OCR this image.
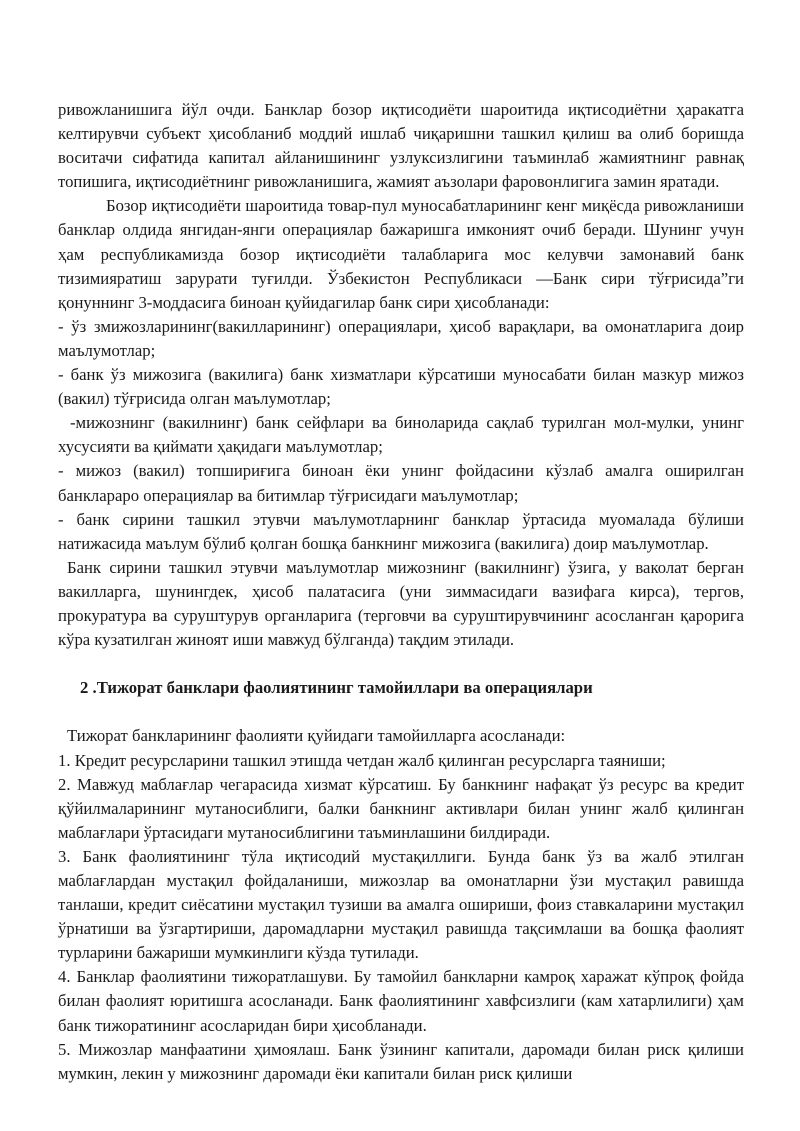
ривожланишига йўл очди. Банклар бозор иқтисодиёти шароитида иқтисодиётни ҳаракатга келтирувчи субъект ҳисобланиб моддий ишлаб чиқаришни ташкил қилиш ва олиб боришда воситачи сифатида капитал айланишининг узлуксизлигини таъминлаб жамиятнинг равнақ топишига, иқтисодиётнинг ривожланишига, жамият аъзолари фаровонлигига замин яратади.

Бозор иқтисодиёти шароитида товар-пул муносабатларининг кенг миқёсда ривожланиши банклар олдида янгидан-янги операциялар бажаришга имконият очиб беради. Шунинг учун ҳам республикамизда бозор иқтисодиёти талабларига мос келувчи замонавий банк тизимияратиш зарурати туғилди. Ўзбекистон Республикаси ―Банк сири тўғрисида”ги қонуннинг 3-моддасига биноан қуйидагилар банк сири ҳисобланади:

- ўз змижозларининг(вакилларининг) операциялари, ҳисоб варақлари, ва омонатларига доир маълумотлар;

- банк ўз мижозига (вакилига) банк хизматлари кўрсатиши муносабати билан мазкур мижоз (вакил) тўғрисида олган маълумотлар;

-мижознинг (вакилнинг) банк сейфлари ва биноларида сақлаб турилган мол-мулки, унинг хусусияти ва қиймати ҳақидаги маълумотлар;

- мижоз (вакил) топшириғига биноан ёки унинг фойдасини кўзлаб амалга оширилган банклараро операциялар ва битимлар тўғрисидаги маълумотлар;

- банк сирини ташкил этувчи маълумотларнинг банклар ўртасида муомалада бўлиши натижасида маълум бўлиб қолган бошқа банкнинг мижозига (вакилига) доир маълумотлар.

Банк сирини ташкил этувчи маълумотлар мижознинг (вакилнинг) ўзига, у ваколат берган вакилларга, шунингдек, ҳисоб палатасига (уни зиммасидаги вазифага кирса), тергов, прокуратура ва суруштурув органларига (терговчи ва суруштирувчининг асосланган қарорига кўра кузатилган жиноят иши мавжуд бўлганда) тақдим этилади.

2 .Тижорат банклари фаолиятининг тамойиллари ва операциялари

Тижорат банкларининг фаолияти қуйидаги тамойилларга асосланади:

1. Кредит ресурсларини ташкил этишда четдан жалб қилинган ресурсларга таяниши;

2. Мавжуд маблағлар чегарасида хизмат кўрсатиш. Бу банкнинг нафақат ўз ресурс ва кредит қўйилмаларининг мутаносиблиги, балки банкнинг активлари билан унинг жалб қилинган маблағлари ўртасидаги мутаносиблигини таъминлашини билдиради.

3. Банк фаолиятининг тўла иқтисодий мустақиллиги. Бунда банк ўз ва жалб этилган маблағлардан мустақил фойдаланиши, мижозлар ва омонатларни ўзи мустақил равишда танлаши, кредит сиёсатини мустақил тузиши ва амалга ошириши, фоиз ставкаларини мустақил ўрнатиши ва ўзгартириши, даромадларни мустақил равишда тақсимлаши ва бошқа фаолият турларини бажариши мумкинлиги кўзда тутилади.

4. Банклар фаолиятини тижоратлашуви. Бу тамойил банкларни камроқ харажат кўпроқ фойда билан фаолият юритишга асосланади. Банк фаолиятининг хавфсизлиги (кам хатарлилиги) ҳам банк тижоратининг асосларидан бири ҳисобланади.

5. Мижозлар манфаатини ҳимоялаш. Банк ўзининг капитали, даромади билан риск қилиши мумкин, лекин у мижознинг даромади ёки капитали билан риск қилиши
